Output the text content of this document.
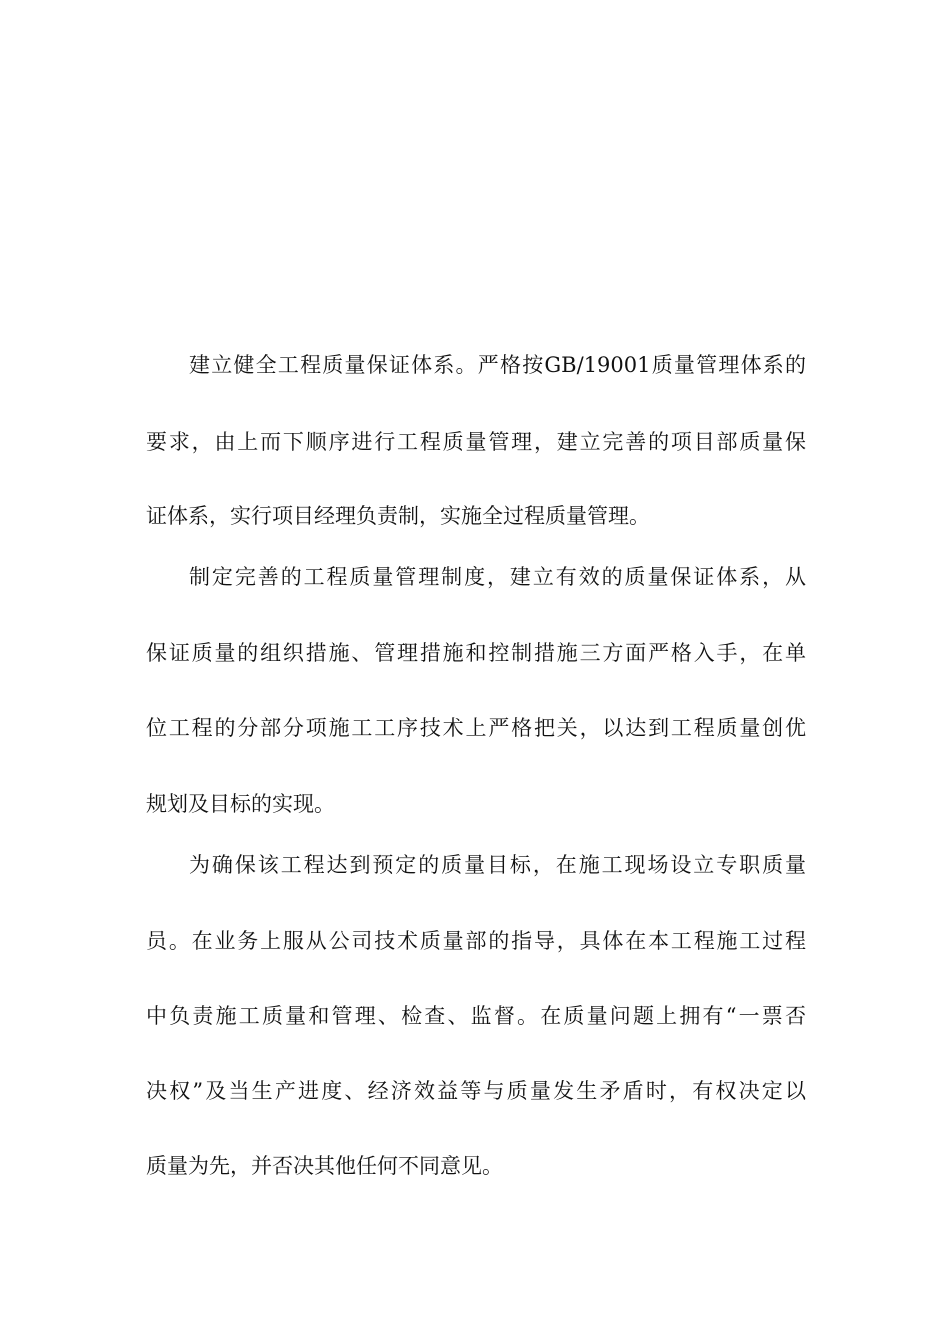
建立健全工程质量保证体系。严格按GB/19001质量管理体系的
要求，由上而下顺序进行工程质量管理，建立完善的项目部质量保
证体系，实行项目经理负责制，实施全过程质量管理。
制定完善的工程质量管理制度，建立有效的质量保证体系，从
保证质量的组织措施、管理措施和控制措施三方面严格入手，在单
位工程的分部分项施工工序技术上严格把关，以达到工程质量创优
规划及目标的实现。
为确保该工程达到预定的质量目标，在施工现场设立专职质量
员。在业务上服从公司技术质量部的指导，具体在本工程施工过程
中负责施工质量和管理、检查、监督。在质量问题上拥有“一票否
决权”及当生产进度、经济效益等与质量发生矛盾时，有权决定以
质量为先，并否决其他任何不同意见。
